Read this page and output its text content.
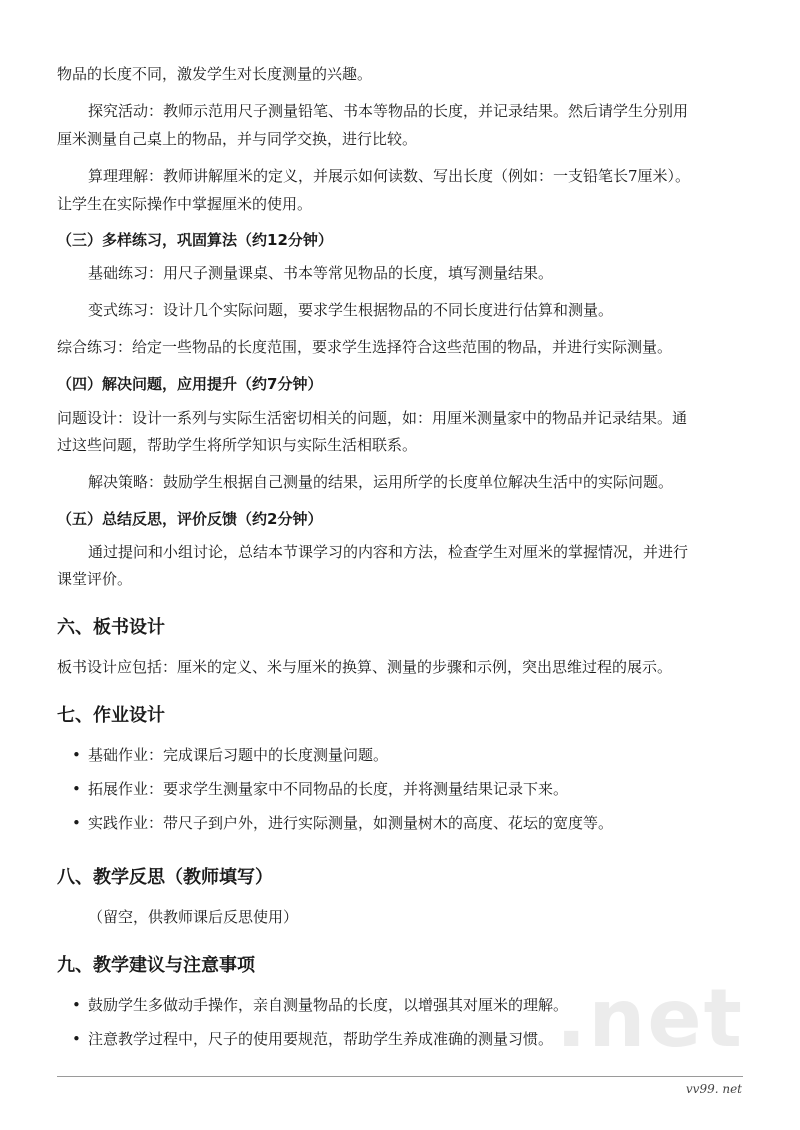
物品的长度不同，激发学生对长度测量的兴趣。
探究活动：教师示范用尺子测量铅笔、书本等物品的长度，并记录结果。然后请学生分别用
厘米测量自己桌上的物品，并与同学交换，进行比较。
算理理解：教师讲解厘米的定义，并展示如何读数、写出长度（例如：一支铅笔长7厘米）。
让学生在实际操作中掌握厘米的使用。
（三）多样练习，巩固算法（约12分钟）
基础练习：用尺子测量课桌、书本等常见物品的长度，填写测量结果。
变式练习：设计几个实际问题，要求学生根据物品的不同长度进行估算和测量。
综合练习：给定一些物品的长度范围，要求学生选择符合这些范围的物品，并进行实际测量。
（四）解决问题，应用提升（约7分钟）
问题设计：设计一系列与实际生活密切相关的问题，如：用厘米测量家中的物品并记录结果。通
过这些问题，帮助学生将所学知识与实际生活相联系。
解决策略：鼓励学生根据自己测量的结果，运用所学的长度单位解决生活中的实际问题。
（五）总结反思，评价反馈（约2分钟）
通过提问和小组讨论，总结本节课学习的内容和方法，检查学生对厘米的掌握情况，并进行
课堂评价。
六、板书设计
板书设计应包括：厘米的定义、米与厘米的换算、测量的步骤和示例，突出思维过程的展示。
七、作业设计
• 基础作业：完成课后习题中的长度测量问题。
• 拓展作业：要求学生测量家中不同物品的长度，并将测量结果记录下来。
• 实践作业：带尺子到户外，进行实际测量，如测量树木的高度、花坛的宽度等。
八、教学反思（教师填写）
（留空，供教师课后反思使用）
九、教学建议与注意事项
• 鼓励学生多做动手操作，亲自测量物品的长度，以增强其对厘米的理解。
• 注意教学过程中，尺子的使用要规范，帮助学生养成准确的测量习惯。 .net
vv99. net
